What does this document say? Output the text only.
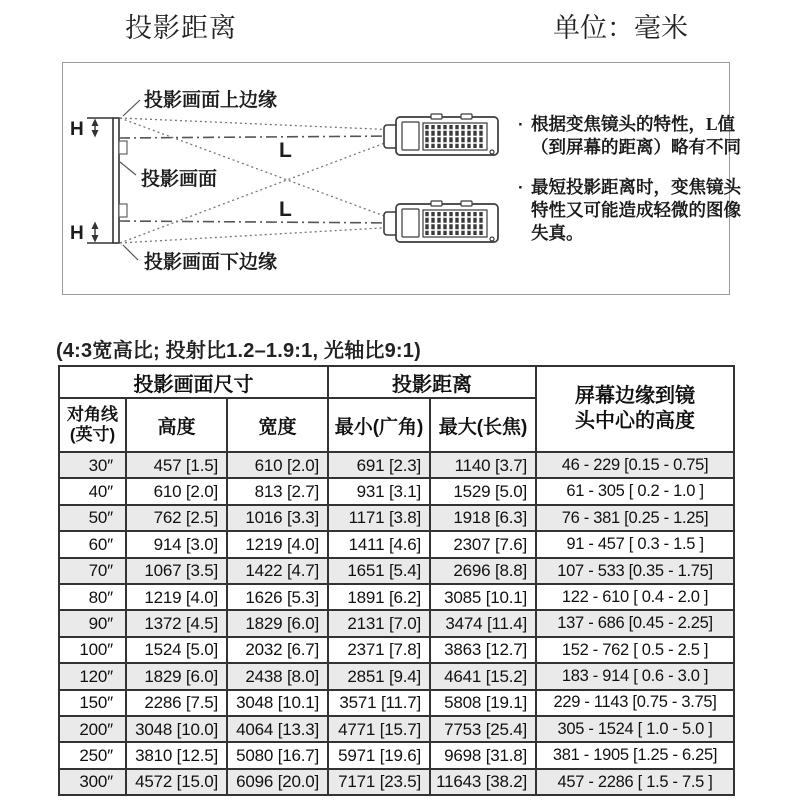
投影距离	单位：毫米
H
H
L
L
投影画面上边缘
投影画面
投影画面下边缘
· 根据变焦镜头的特性，L值
（到屏幕的距离）略有不同
· 最短投影距离时，变焦镜头
特性又可能造成轻微的图像
失真。
(4:3宽高比; 投射比1.2–1.9:1, 光轴比9:1)
投影画面尺寸			投影距离		屏幕边缘到镜
头中心的高度

对角线
(英寸)	高度	宽度	最小(广角)	最大(长焦)	
30″	457 [1.5]	610 [2.0]	691 [2.3]	1140 [3.7]	46 - 229 [0.15 - 0.75]
40″	610 [2.0]	813 [2.7]	931 [3.1]	1529 [5.0]	61 - 305 [ 0.2 - 1.0 ]
50″	762 [2.5]	1016 [3.3]	1171 [3.8]	1918 [6.3]	76 - 381 [0.25 - 1.25]
60″	914 [3.0]	1219 [4.0]	1411 [4.6]	2307 [7.6]	91 - 457 [ 0.3 - 1.5 ]
70″	1067 [3.5]	1422 [4.7]	1651 [5.4]	2696 [8.8]	107 - 533 [0.35 - 1.75]
80″	1219 [4.0]	1626 [5.3]	1891 [6.2]	3085 [10.1]	122 - 610 [ 0.4 - 2.0 ]
90″	1372 [4.5]	1829 [6.0]	2131 [7.0]	3474 [11.4]	137 - 686 [0.45 - 2.25]
100″	1524 [5.0]	2032 [6.7]	2371 [7.8]	3863 [12.7]	152 - 762 [ 0.5 - 2.5 ]
120″	1829 [6.0]	2438 [8.0]	2851 [9.4]	4641 [15.2]	183 - 914 [ 0.6 - 3.0 ]
150″	2286 [7.5]	3048 [10.1]	3571 [11.7]	5808 [19.1]	229 - 1143 [0.75 - 3.75]
200″	3048 [10.0]	4064 [13.3]	4771 [15.7]	7753 [25.4]	305 - 1524 [ 1.0 - 5.0 ]
250″	3810 [12.5]	5080 [16.7]	5971 [19.6]	9698 [31.8]	381 - 1905 [1.25 - 6.25]
300″	4572 [15.0]	6096 [20.0]	7171 [23.5]	11643 [38.2]	457 - 2286 [ 1.5 - 7.5 ]
